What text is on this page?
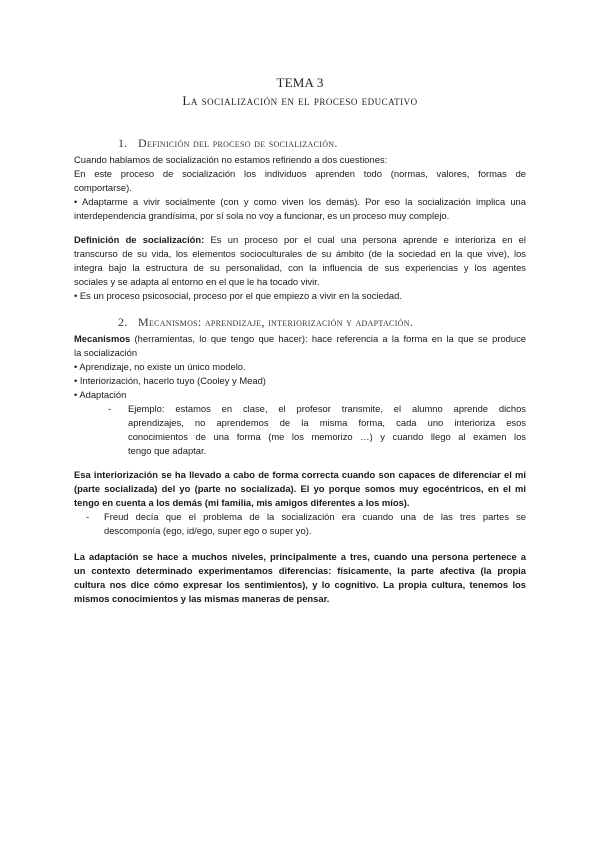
TEMA 3
La socialización en el proceso educativo
1. Definición del proceso de socialización.
Cuando hablamos de socialización no estamos refiriendo a dos cuestiones:
En este proceso de socialización los individuos aprenden todo (normas, valores, formas de
comportarse).
• Adaptarme a vivir socialmente (con y como viven los demás). Por eso la socialización implica una
interdependencia grandísima, por sí sola no voy a funcionar, es un proceso muy complejo.
Definición de socialización: Es un proceso por el cual una persona aprende e interioriza en el
transcurso de su vida, los elementos socioculturales de su ámbito (de la sociedad en la que vive), los
integra bajo la estructura de su personalidad, con la influencia de sus experiencias y los agentes
sociales y se adapta al entorno en el que le ha tocado vivir.
• Es un proceso psicosocial, proceso por el que empiezo a vivir en la sociedad.
2. Mecanismos: aprendizaje, interiorización y adaptación.
Mecanismos (herramientas, lo que tengo que hacer): hace referencia a la forma en la que se produce
la socialización
• Aprendizaje, no existe un único modelo.
• Interiorización, hacerlo tuyo (Cooley y Mead)
• Adaptación
- Ejemplo: estamos en clase, el profesor transmite, el alumno aprende dichos
aprendizajes, no aprendemos de la misma forma, cada uno interioriza esos
conocimientos de una forma (me los memorizo …) y cuando llego al examen los
tengo que adaptar.
Esa interiorización se ha llevado a cabo de forma correcta cuando son capaces de diferenciar el mi
(parte socializada) del yo (parte no socializada). El yo porque somos muy egocéntricos, en el mi
tengo en cuenta a los demás (mi familia, mis amigos diferentes a los míos).
- Freud decía que el problema de la socialización era cuando una de las tres partes se
descomponía (ego, id/ego, super ego o super yo).
La adaptación se hace a muchos niveles, principalmente a tres, cuando una persona pertenece a
un contexto determinado experimentamos diferencias: físicamente, la parte afectiva (la propia
cultura nos dice cómo expresar los sentimientos), y lo cognitivo. La propia cultura, tenemos los
mismos conocimientos y las mismas maneras de pensar.
